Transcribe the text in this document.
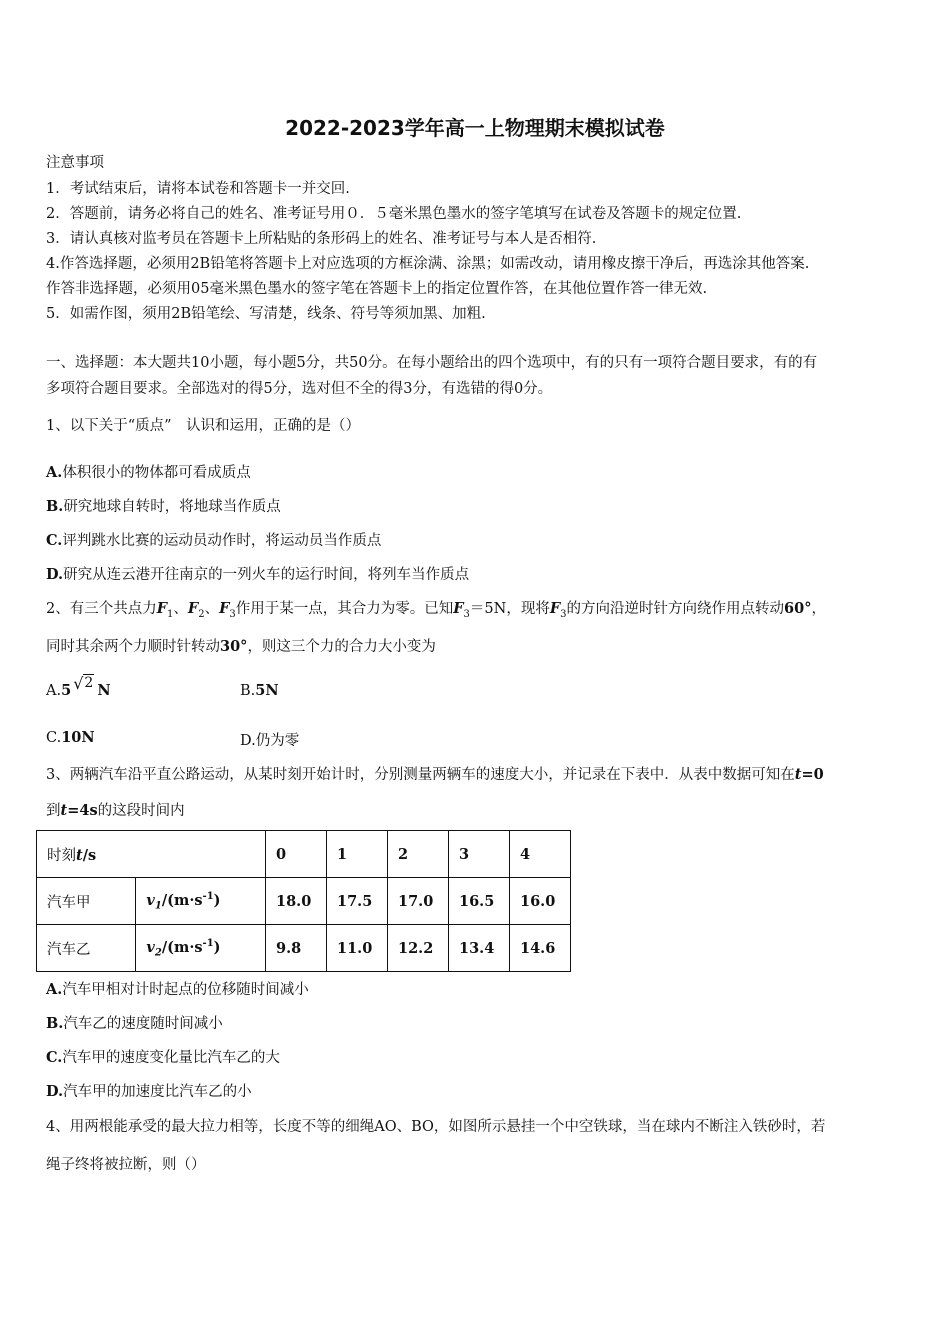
2022-2023学年高一上物理期末模拟试卷
注意事项
1．考试结束后，请将本试卷和答题卡一并交回.
2．答题前，请务必将自己的姓名、准考证号用０．５毫米黑色墨水的签字笔填写在试卷及答题卡的规定位置.
3．请认真核对监考员在答题卡上所粘贴的条形码上的姓名、准考证号与本人是否相符.
4.作答选择题，必须用2B铅笔将答题卡上对应选项的方框涂满、涂黑；如需改动，请用橡皮擦干净后，再选涂其他答案.
作答非选择题，必须用05毫米黑色墨水的签字笔在答题卡上的指定位置作答，在其他位置作答一律无效.
5．如需作图，须用2B铅笔绘、写清楚，线条、符号等须加黑、加粗.
一、选择题：本大题共10小题，每小题5分，共50分。在每小题给出的四个选项中，有的只有一项符合题目要求，有的有
多项符合题目要求。全部选对的得5分，选对但不全的得3分，有选错的得0分。
1、以下关于“质点”　认识和运用，正确的是（）
A.体积很小的物体都可看成质点
B.研究地球自转时，将地球当作质点
C.评判跳水比赛的运动员动作时，将运动员当作质点
D.研究从连云港开往南京的一列火车的运行时间，将列车当作质点
2、有三个共点力$F_1$、$F_2$、$F_3$作用于某一点，其合力为零。已知$F_3=5N$，现将$F_3$的方向沿逆时针方向绕作用点转动60°，
同时其余两个力顺时针转动30°，则这三个力的合力大小变为
A.5 √2 N	B.5N
C.10N	D.仍为零
3、两辆汽车沿平直公路运动，从某时刻开始计时，分别测量两辆车的速度大小，并记录在下表中．从表中数据可知在t=0
到t=4s的这段时间内
时刻t/s		0	1	2	3	4
汽车甲	$v_1/(m\cdot s^{-1})$	18.0	17.5	17.0	16.5	16.0
汽车乙	$v_2/(m\cdot s^{-1})$	9.8	11.0	12.2	13.4	14.6
A.汽车甲相对计时起点的位移随时间减小
B.汽车乙的速度随时间减小
C.汽车甲的速度变化量比汽车乙的大
D.汽车甲的加速度比汽车乙的小
4、用两根能承受的最大拉力相等，长度不等的细绳AO、BO，如图所示悬挂一个中空铁球，当在球内不断注入铁砂时，若
绳子终将被拉断，则（）
